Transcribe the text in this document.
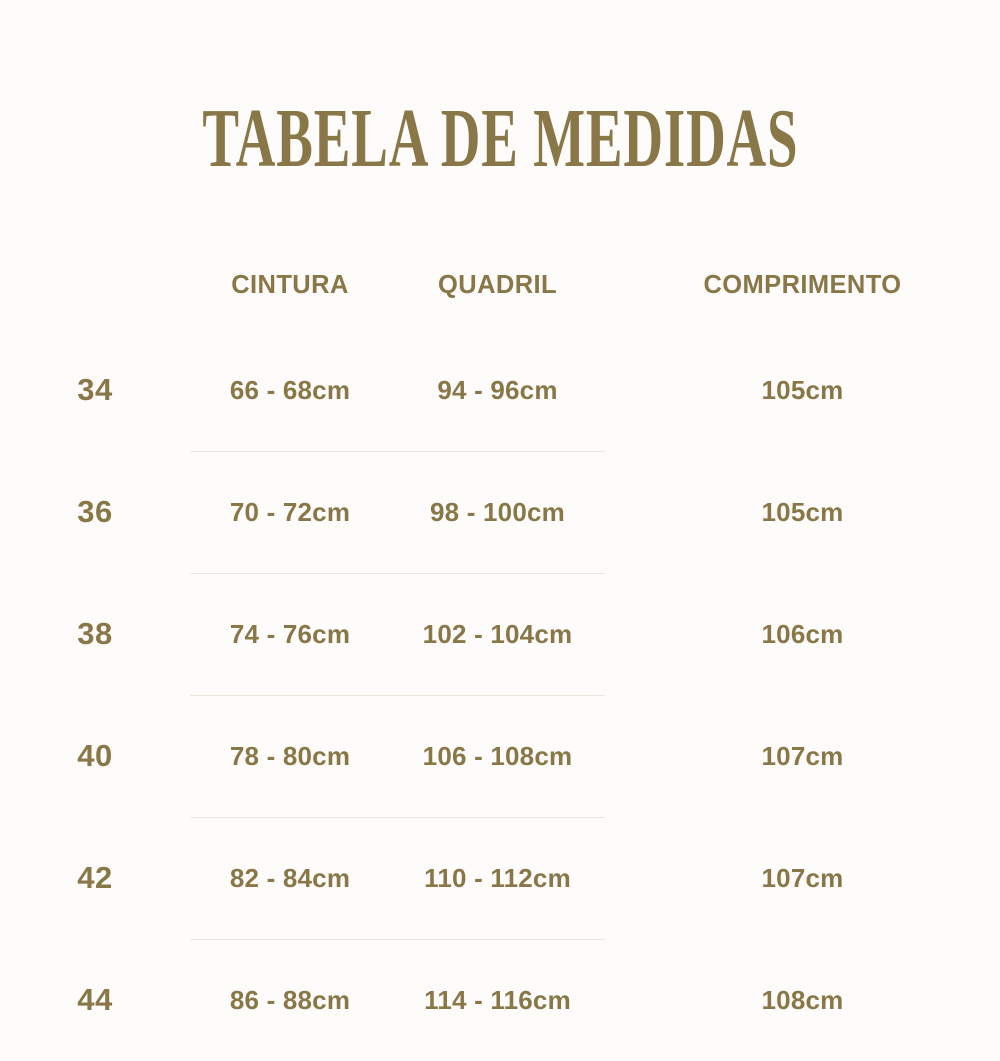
TABELA DE MEDIDAS
	CINTURA	QUADRIL	COMPRIMENTO
34	66 - 68cm	94 - 96cm	105cm
36	70 - 72cm	98 - 100cm	105cm
38	74 - 76cm	102 - 104cm	106cm
40	78 - 80cm	106 - 108cm	107cm
42	82 - 84cm	110 - 112cm	107cm
44	86 - 88cm	114 - 116cm	108cm
